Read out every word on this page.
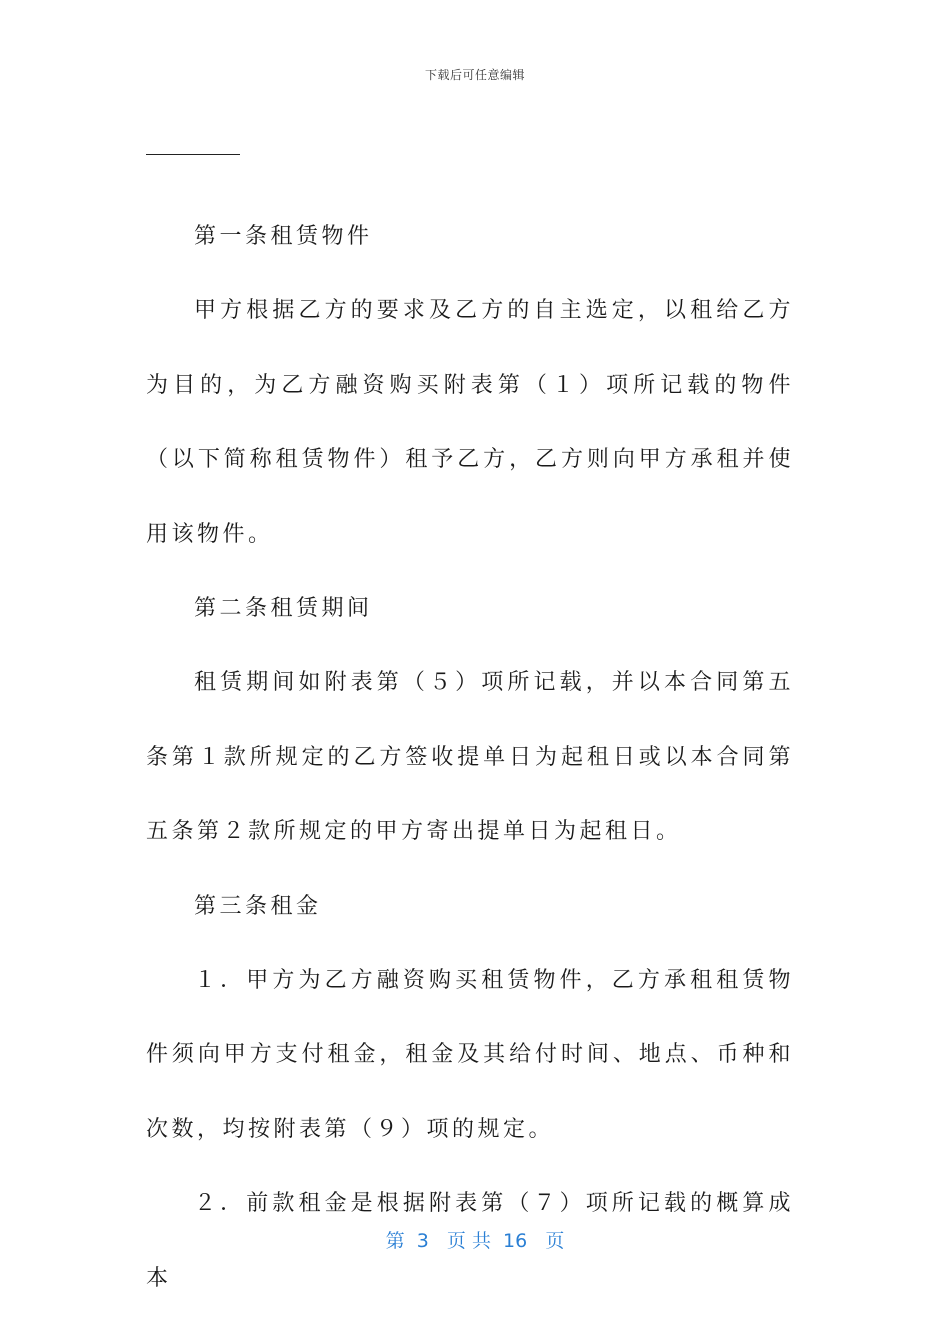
下载后可任意编辑

第一条租赁物件

甲方根据乙方的要求及乙方的自主选定，以租给乙方为目的，为乙方融资购买附表第（１）项所记载的物件（以下简称租赁物件）租予乙方，乙方则向甲方承租并使用该物件。

第二条租赁期间

租赁期间如附表第（５）项所记载，并以本合同第五条第１款所规定的乙方签收提单日为起租日或以本合同第五条第２款所规定的甲方寄出提单日为起租日。

第三条租金

１．甲方为乙方融资购买租赁物件，乙方承租租赁物件须向甲方支付租金，租金及其给付时间、地点、币种和次数，均按附表第（９）项的规定。

２．前款租金是根据附表第（７）项所记载的概算成本

第  3   页 共  16   页
